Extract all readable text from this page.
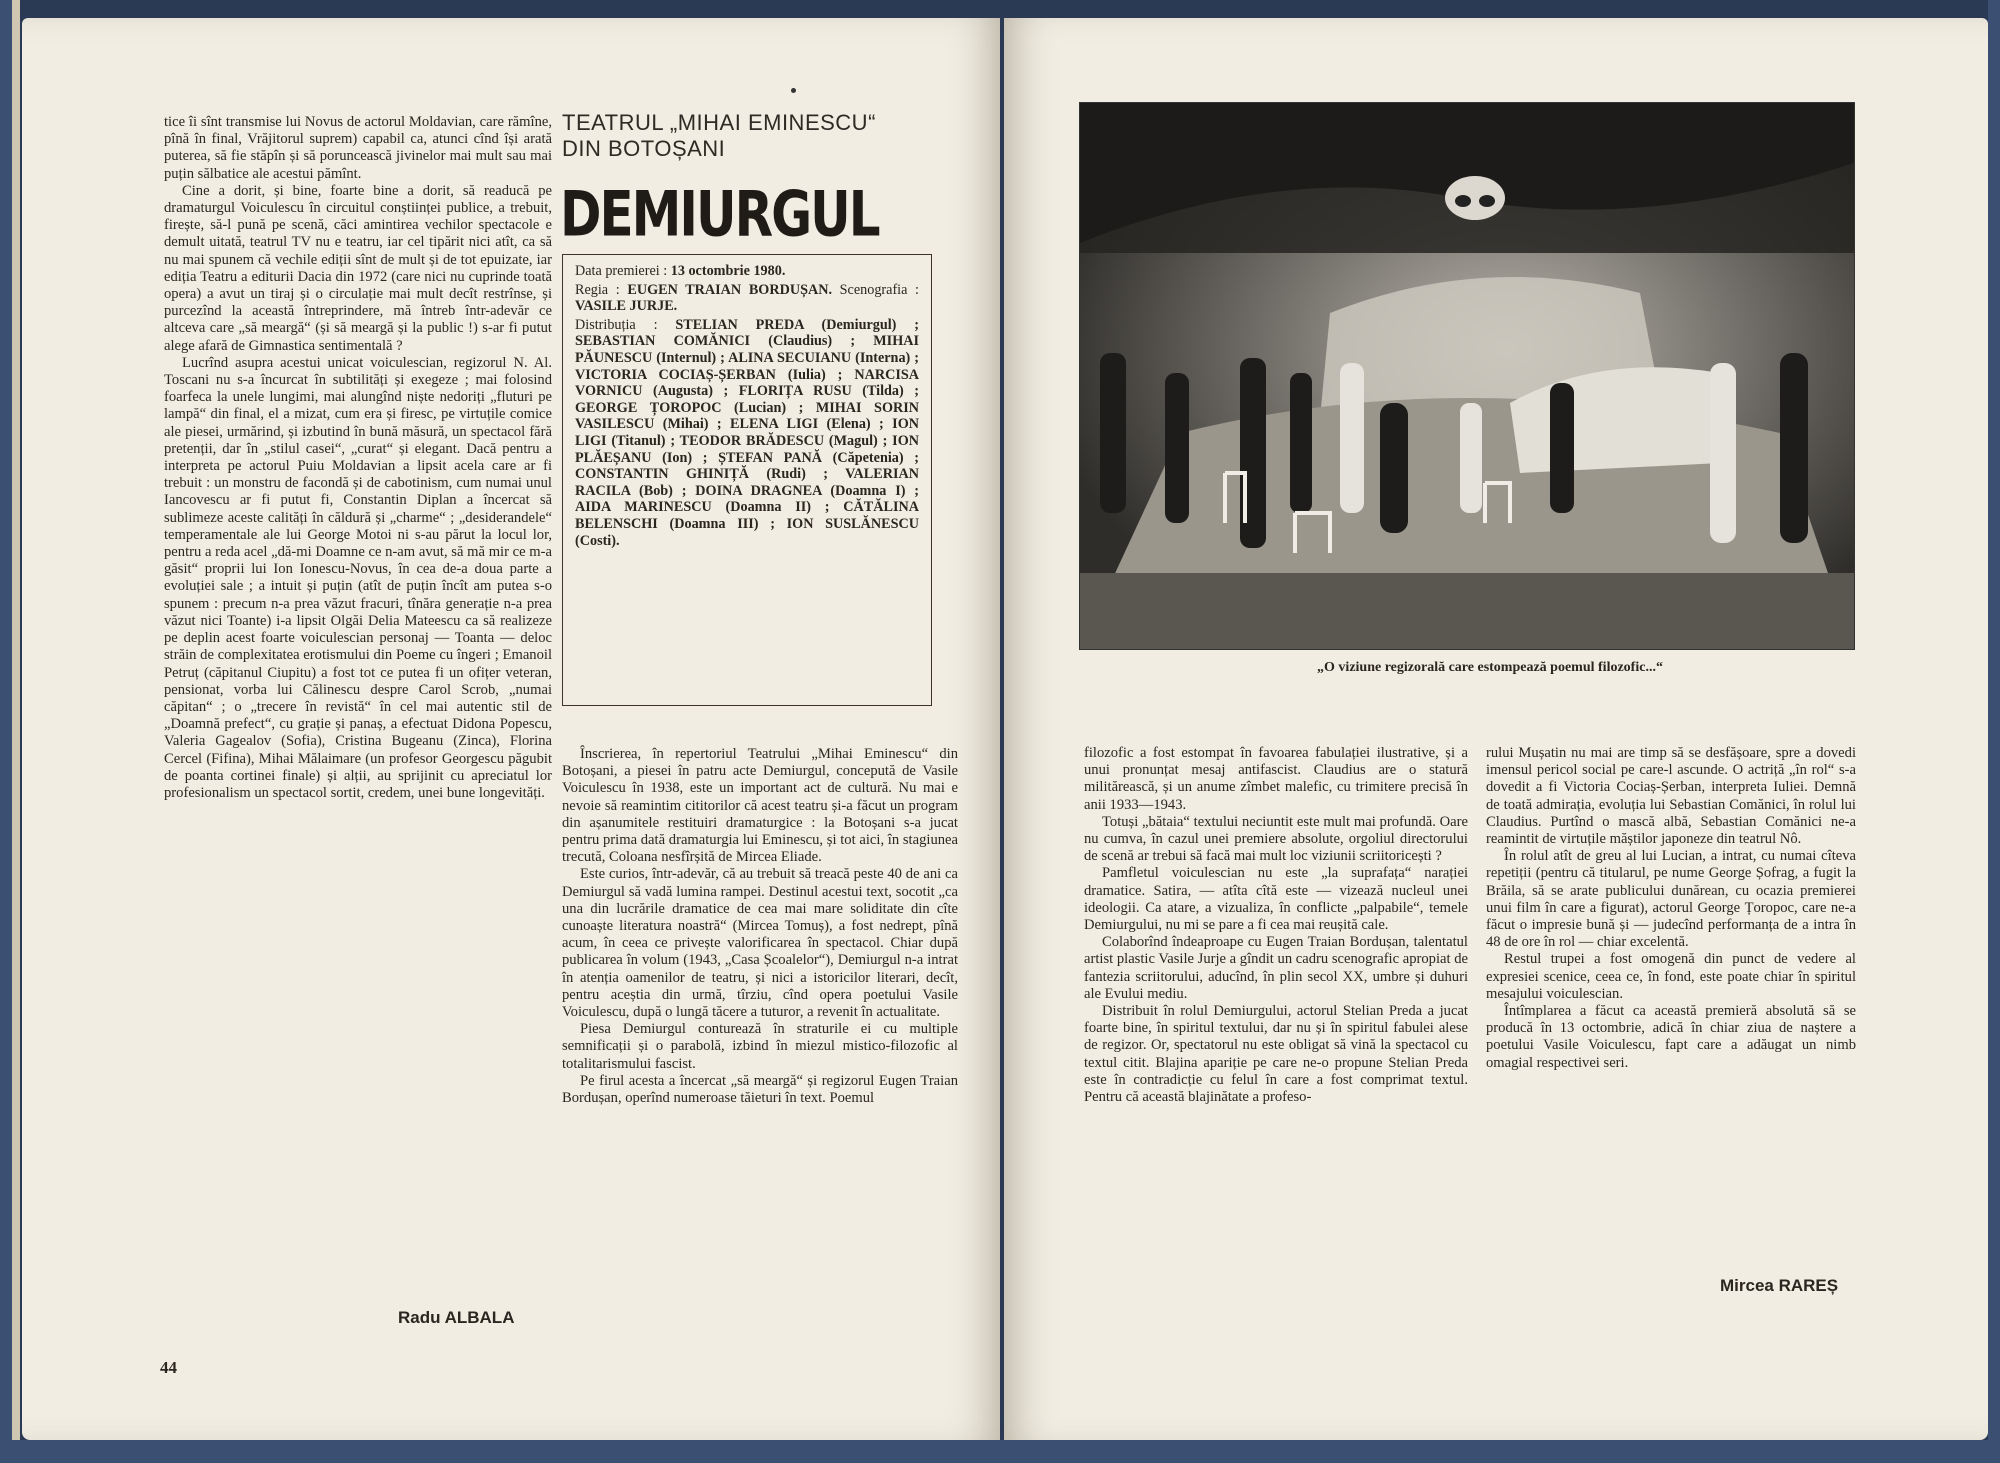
tice îi sînt transmise lui Novus de actorul Moldavian, care rămîne, pînă în final, Vrăjitorul suprem) capabil ca, atunci cînd își arată puterea, să fie stăpîn și să poruncească jivinelor mai mult sau mai puțin sălbatice ale acestui pămînt.

Cine a dorit, și bine, foarte bine a dorit, să readucă pe dramaturgul Voiculescu în circuitul conștiinței publice, a trebuit, firește, să-l pună pe scenă, căci amintirea vechilor spectacole e demult uitată, teatrul TV nu e teatru, iar cel tipărit nici atît, ca să nu mai spunem că vechile ediții sînt de mult și de tot epuizate, iar ediția Teatru a editurii Dacia din 1972 (care nici nu cuprinde toată opera) a avut un tiraj și o circulație mai mult decît restrînse, și purcezînd la această întreprindere, mă întreb într-adevăr ce altceva care „să meargă“ (și să meargă și la public !) s-ar fi putut alege afară de Gimnastica sentimentală ?

Lucrînd asupra acestui unicat voiculescian, regizorul N. Al. Toscani nu s-a încurcat în subtilități și exegeze ; mai folosind foarfeca la unele lungimi, mai alungînd niște nedoriți „fluturi pe lampă“ din final, el a mizat, cum era și firesc, pe virtuțile comice ale piesei, urmărind, și izbutind în bună măsură, un spectacol fără pretenții, dar în „stilul casei“, „curat“ și elegant. Dacă pentru a interpreta pe actorul Puiu Moldavian a lipsit acela care ar fi trebuit : un monstru de facondă și de cabotinism, cum numai unul Iancovescu ar fi putut fi, Constantin Diplan a încercat să sublimeze aceste calități în căldură și „charme“ ; „desiderandele“ temperamentale ale lui George Motoi ni s-au părut la locul lor, pentru a reda acel „dă-mi Doamne ce n-am avut, să mă mir ce m-a găsit“ proprii lui Ion Ionescu-Novus, în cea de-a doua parte a evoluției sale ; a intuit și puțin (atît de puțin încît am putea s-o spunem : precum n-a prea văzut fracuri, tînăra generație n-a prea văzut nici Toante) i-a lipsit Olgăi Delia Mateescu ca să realizeze pe deplin acest foarte voiculescian personaj — Toanta — deloc străin de complexitatea erotismului din Poeme cu îngeri ; Emanoil Petruț (căpitanul Ciupitu) a fost tot ce putea fi un ofițer veteran, pensionat, vorba lui Călinescu despre Carol Scrob, „numai căpitan“ ; o „trecere în revistă“ în cel mai autentic stil de „Doamnă prefect“, cu grație și panaș, a efectuat Didona Popescu, Valeria Gagealov (Sofia), Cristina Bugeanu (Zinca), Florina Cercel (Fifina), Mihai Mălaimare (un profesor Georgescu păgubit de poanta cortinei finale) și alții, au sprijinit cu apreciatul lor profesionalism un spectacol sortit, credem, unei bune longevități.

Radu ALBALA
44
TEATRUL „MIHAI EMINESCU“
DIN BOTOȘANI
DEMIURGUL
Data premierei : 13 octombrie 1980.
Regia : EUGEN TRAIAN BORDUȘAN. Scenografia : VASILE JURJE.
Distribuția : STELIAN PREDA (Demiurgul) ; SEBASTIAN COMĂNICI (Claudius) ; MIHAI PĂUNESCU (Internul) ; ALINA SECUIANU (Interna) ; VICTORIA COCIAȘ-ȘERBAN (Iulia) ; NARCISA VORNICU (Augusta) ; FLORIȚA RUSU (Tilda) ; GEORGE ȚOROPOC (Lucian) ; MIHAI SORIN VASILESCU (Mihai) ; ELENA LIGI (Elena) ; ION LIGI (Titanul) ; TEODOR BRĂDESCU (Magul) ; ION PLĂEȘANU (Ion) ; ȘTEFAN PANĂ (Căpetenia) ; CONSTANTIN GHINIȚĂ (Rudi) ; VALERIAN RACILA (Bob) ; DOINA DRAGNEA (Doamna I) ; AIDA MARINESCU (Doamna II) ; CĂTĂLINA BELENSCHI (Doamna III) ; ION SUSLĂNESCU (Costi).

Înscrierea, în repertoriul Teatrului „Mihai Eminescu“ din Botoșani, a piesei în patru acte Demiurgul, concepută de Vasile Voiculescu în 1938, este un important act de cultură. Nu mai e nevoie să reamintim cititorilor că acest teatru și-a făcut un program din așanumitele restituiri dramaturgice : la Botoșani s-a jucat pentru prima dată dramaturgia lui Eminescu, și tot aici, în stagiunea trecută, Coloana nesfîrșită de Mircea Eliade.

Este curios, într-adevăr, că au trebuit să treacă peste 40 de ani ca Demiurgul să vadă lumina rampei. Destinul acestui text, socotit „ca una din lucrările dramatice de cea mai mare soliditate din cîte cunoaște literatura noastră“ (Mircea Tomuș), a fost nedrept, pînă acum, în ceea ce privește valorificarea în spectacol. Chiar după publicarea în volum (1943, „Casa Școalelor“), Demiurgul n-a intrat în atenția oamenilor de teatru, și nici a istoricilor literari, decît, pentru aceștia din urmă, tîrziu, cînd opera poetului Vasile Voiculescu, după o lungă tăcere a tuturor, a revenit în actualitate.

Piesa Demiurgul conturează în straturile ei cu multiple semnificații și o parabolă, izbind în miezul mistico-filozofic al totalitarismului fascist.

Pe firul acesta a încercat „să meargă“ și regizorul Eugen Traian Bordușan, operînd numeroase tăieturi în text. Poemul

„O viziune regizorală care estompează poemul filozofic...“

filozofic a fost estompat în favoarea fabulației ilustrative, și a unui pronunțat mesaj antifascist. Claudius are o statură militărească, și un anume zîmbet malefic, cu trimitere precisă în anii 1933—1943.

Totuși „bătaia“ textului neciuntit este mult mai profundă. Oare nu cumva, în cazul unei premiere absolute, orgoliul directorului de scenă ar trebui să facă mai mult loc viziunii scriitoricești ?

Pamfletul voiculescian nu este „la suprafața“ narației dramatice. Satira, — atîta cîtă este — vizează nucleul unei ideologii. Ca atare, a vizualiza, în conflicte „palpabile“, temele Demiurgului, nu mi se pare a fi cea mai reușită cale.

Colaborînd îndeaproape cu Eugen Traian Bordușan, talentatul artist plastic Vasile Jurje a gîndit un cadru scenografic apropiat de fantezia scriitorului, aducînd, în plin secol XX, umbre și duhuri ale Evului mediu.

Distribuit în rolul Demiurgului, actorul Stelian Preda a jucat foarte bine, în spiritul textului, dar nu și în spiritul fabulei alese de regizor. Or, spectatorul nu este obligat să vină la spectacol cu textul citit. Blajina apariție pe care ne-o propune Stelian Preda este în contradicție cu felul în care a fost comprimat textul. Pentru că această blajinătate a profeso-

rului Mușatin nu mai are timp să se desfășoare, spre a dovedi imensul pericol social pe care-l ascunde. O actriță „în rol“ s-a dovedit a fi Victoria Cociaș-Șerban, interpreta Iuliei. Demnă de toată admirația, evoluția lui Sebastian Comănici, în rolul lui Claudius. Purtînd o mască albă, Sebastian Comănici ne-a reamintit de virtuțile măștilor japoneze din teatrul Nô.

În rolul atît de greu al lui Lucian, a intrat, cu numai cîteva repetiții (pentru că titularul, pe nume George Șofrag, a fugit la Brăila, să se arate publicului dunărean, cu ocazia premierei unui film în care a figurat), actorul George Țoropoc, care ne-a făcut o impresie bună și — judecînd performanța de a intra în 48 de ore în rol — chiar excelentă.

Restul trupei a fost omogenă din punct de vedere al expresiei scenice, ceea ce, în fond, este poate chiar în spiritul mesajului voiculescian.

Întîmplarea a făcut ca această premieră absolută să se producă în 13 octombrie, adică în chiar ziua de naștere a poetului Vasile Voiculescu, fapt care a adăugat un nimb omagial respectivei seri.

Mircea RAREȘ
